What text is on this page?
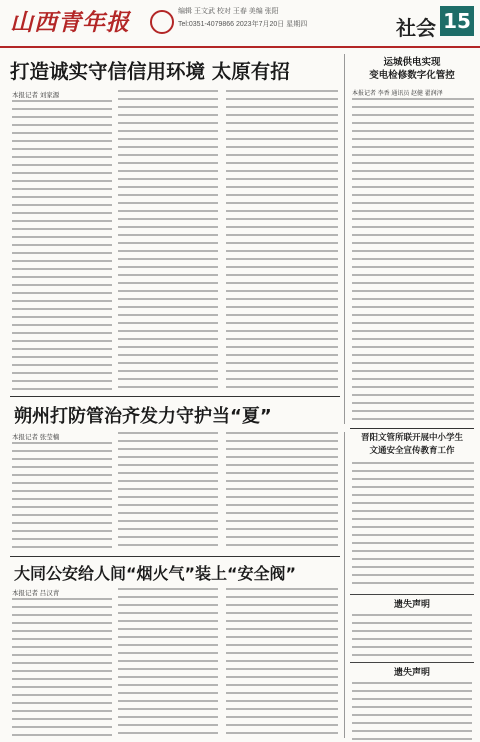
山西青年报	编辑 王文武 校对 王春 美编 张阳
Tel:0351-4079866 2023年7月20日 星期四	社会 15
打造诚实守信信用环境 太原有招
本报记者 刘家源
运城供电实现
变电检修数字化管控
本报记者 李香 通讯员 赵健 翟润泽
朔州打防管治齐发力守护当“夏”
本报记者 张莹楠	晋阳文管所联开展中小学生
文通安全宣传教育工作
大同公安给人间“烟火气”装上“安全阀”
本报记者 吕汉青
遗失声明
遗失声明
